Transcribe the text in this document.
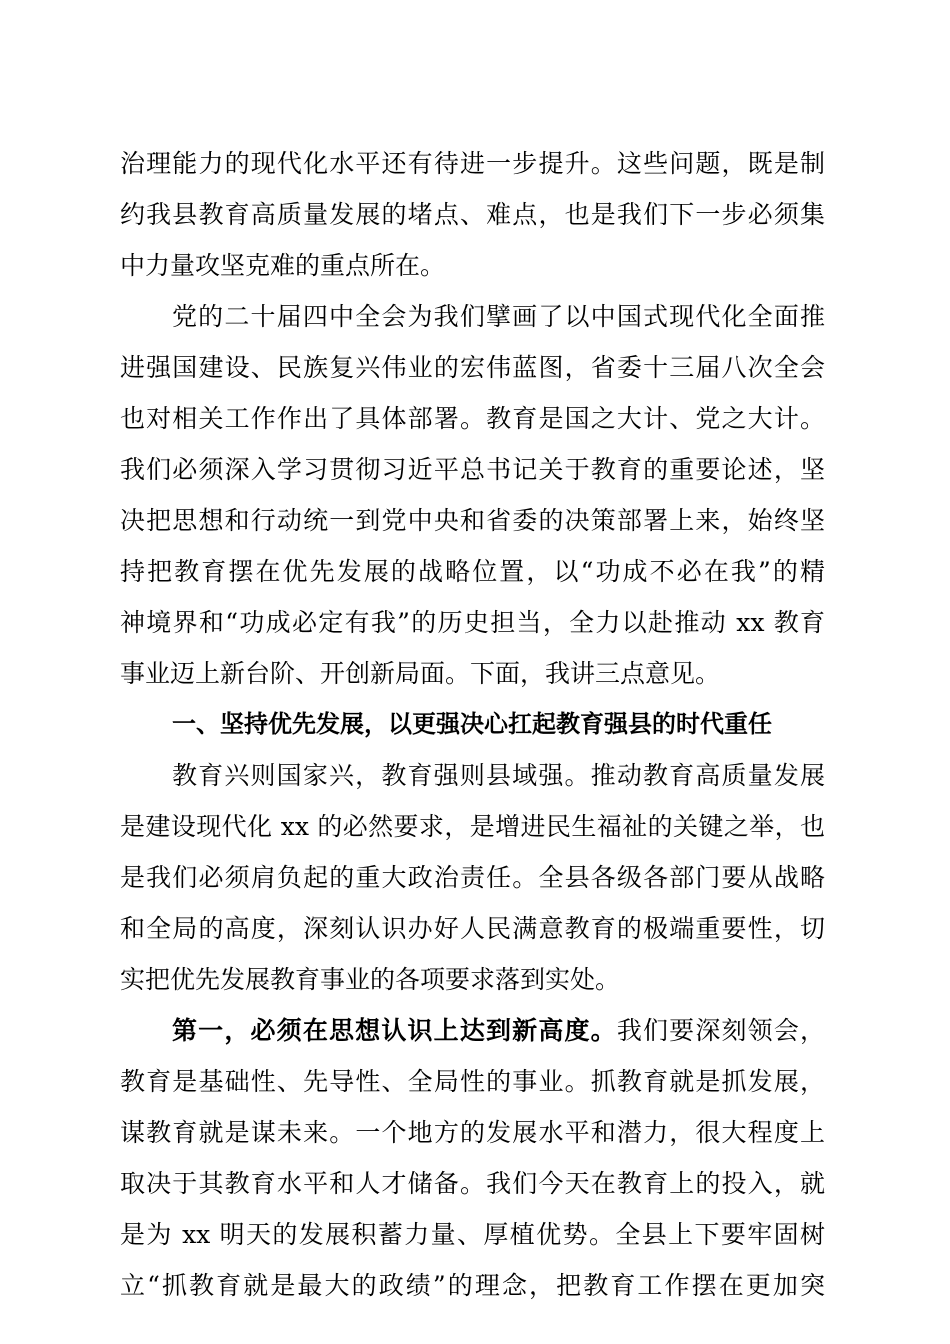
治理能力的现代化水平还有待进一步提升。这些问题，既是制
约我县教育高质量发展的堵点、难点，也是我们下一步必须集
中力量攻坚克难的重点所在。
党的二十届四中全会为我们擘画了以中国式现代化全面推
进强国建设、民族复兴伟业的宏伟蓝图，省委十三届八次全会
也对相关工作作出了具体部署。教育是国之大计、党之大计。
我们必须深入学习贯彻习近平总书记关于教育的重要论述，坚
决把思想和行动统一到党中央和省委的决策部署上来，始终坚
持把教育摆在优先发展的战略位置，以“功成不必在我”的精
神境界和“功成必定有我”的历史担当，全力以赴推动 xx 教育
事业迈上新台阶、开创新局面。下面，我讲三点意见。
一、坚持优先发展，以更强决心扛起教育强县的时代重任
教育兴则国家兴，教育强则县域强。推动教育高质量发展
是建设现代化 xx 的必然要求，是增进民生福祉的关键之举，也
是我们必须肩负起的重大政治责任。全县各级各部门要从战略
和全局的高度，深刻认识办好人民满意教育的极端重要性，切
实把优先发展教育事业的各项要求落到实处。
第一，必须在思想认识上达到新高度。我们要深刻领会，
教育是基础性、先导性、全局性的事业。抓教育就是抓发展，
谋教育就是谋未来。一个地方的发展水平和潜力，很大程度上
取决于其教育水平和人才储备。我们今天在教育上的投入，就
是为 xx 明天的发展积蓄力量、厚植优势。全县上下要牢固树
立“抓教育就是最大的政绩”的理念，把教育工作摆在更加突
